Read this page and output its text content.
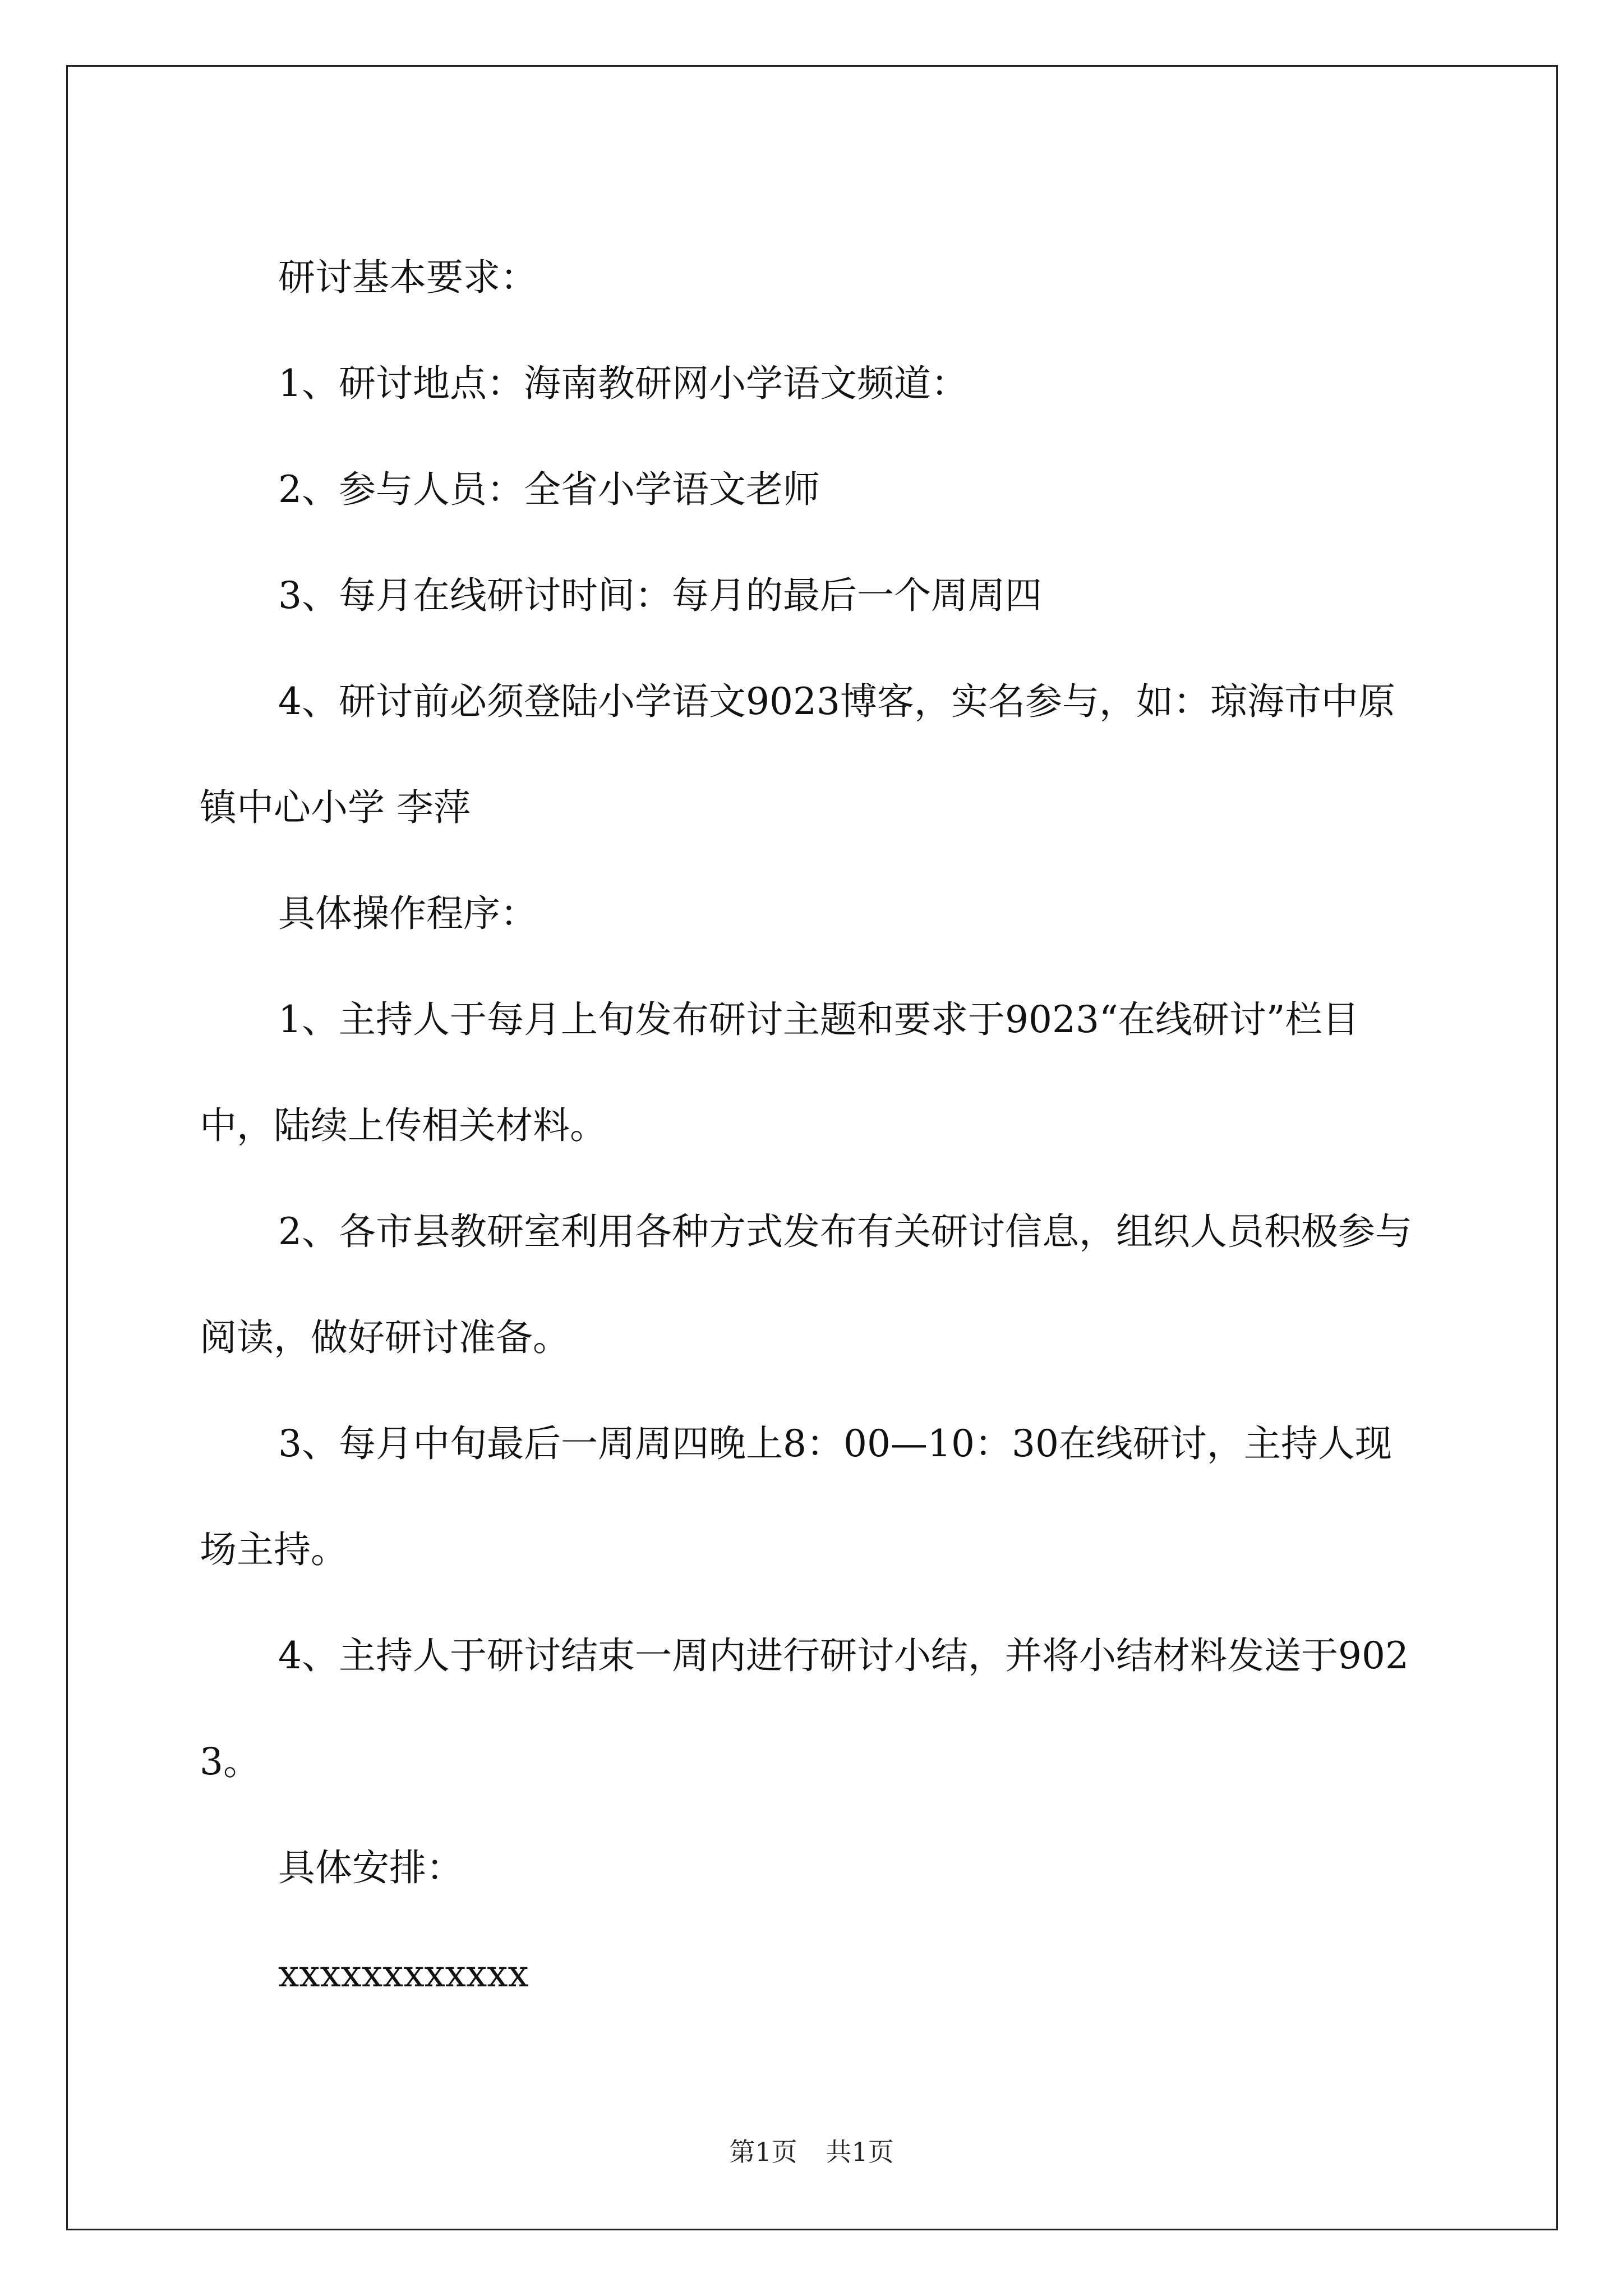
研讨基本要求：

1、研讨地点：海南教研网小学语文频道：

2、参与人员：全省小学语文老师

3、每月在线研讨时间：每月的最后一个周周四

4、研讨前必须登陆小学语文9023博客，实名参与，如：琼海市中原镇中心小学 李萍

具体操作程序：

1、主持人于每月上旬发布研讨主题和要求于9023“在线研讨”栏目中，陆续上传相关材料。

2、各市县教研室利用各种方式发布有关研讨信息，组织人员积极参与阅读，做好研讨准备。

3、每月中旬最后一周周四晚上8：00—10：30在线研讨，主持人现场主持。

4、主持人于研讨结束一周内进行研讨小结，并将小结材料发送于9023。

具体安排：

xxxxxxxxxxxx

第1页 共1页
